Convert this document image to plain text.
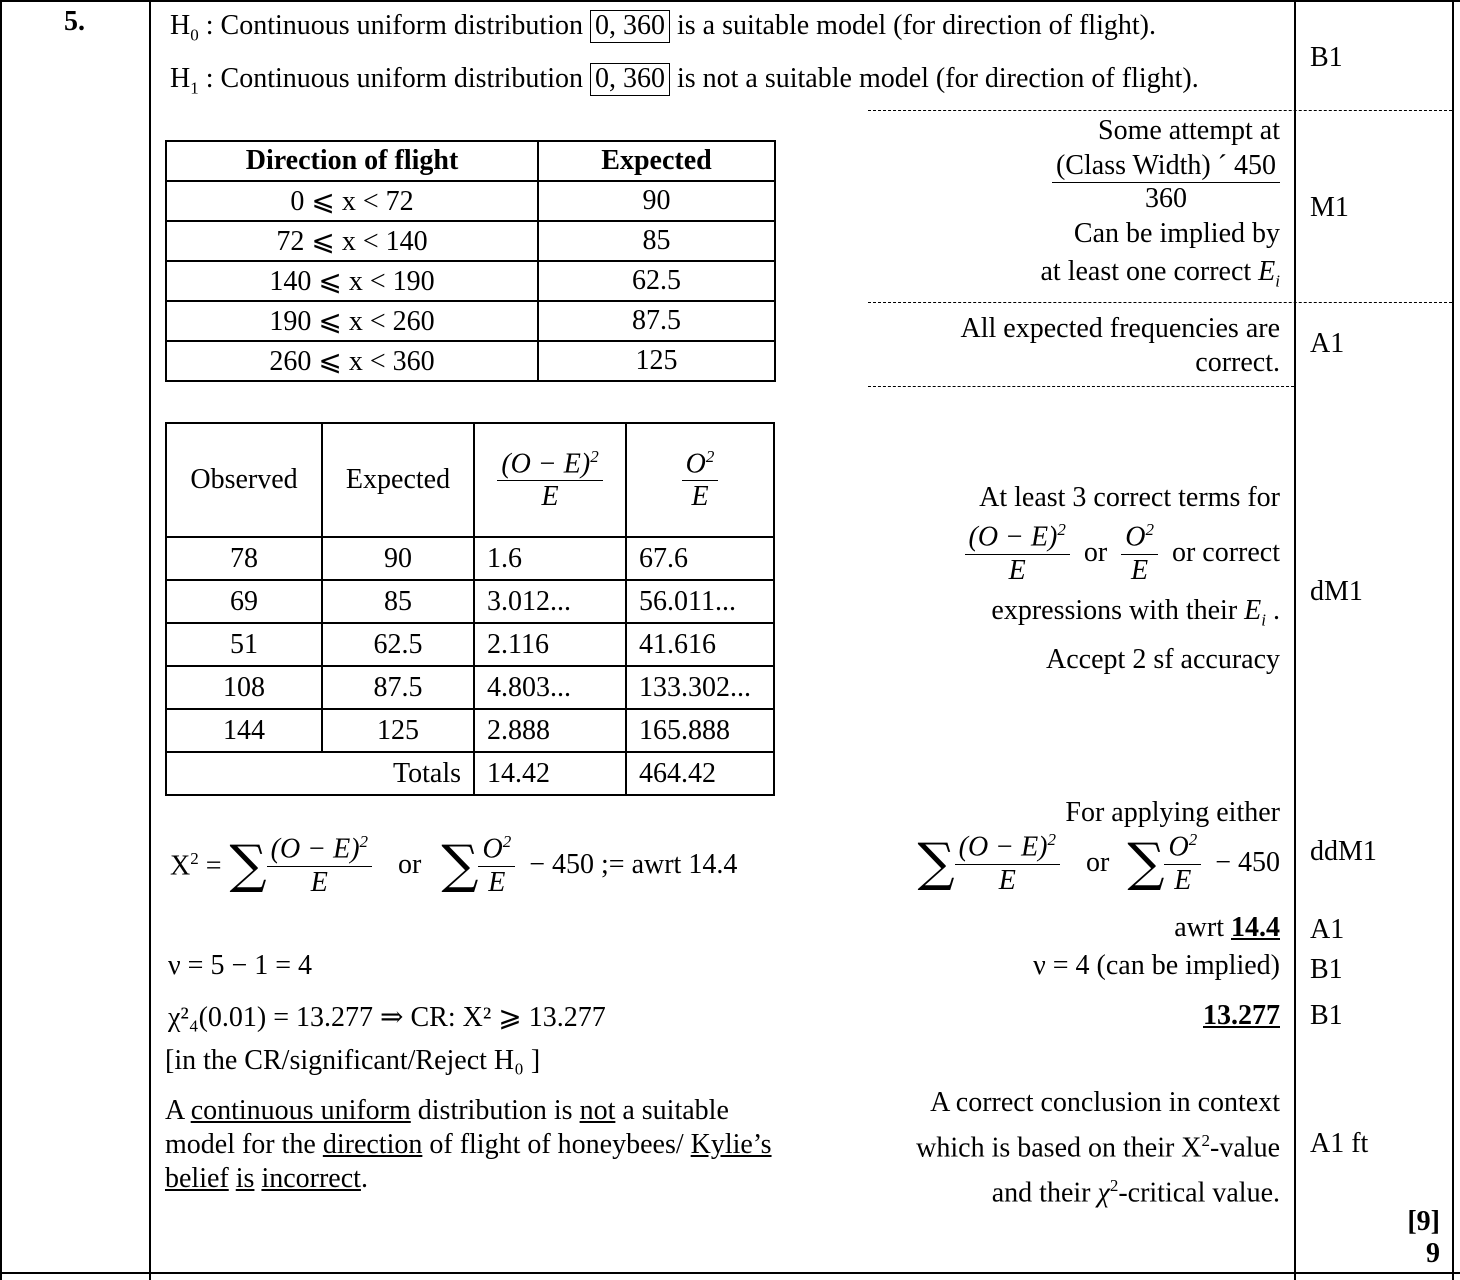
5.	$H_0$ : Continuous uniform distribution 0, 360 is a suitable model (for direction of flight).
$H_1$ : Continuous uniform distribution 0, 360 is not a suitable model (for direction of flight).
B1
Direction of flight	Expected
0 ⩽ x < 72	90
72 ⩽ x < 140	85
140 ⩽ x < 190	62.5
190 ⩽ x < 260	87.5
260 ⩽ x < 360	125
Some attempt at
$\frac{\text{(Class Width) ´ 450}}{360}$
Can be implied by
at least one correct $E_i$
M1
All expected frequencies are
correct.
A1
Observed	Expected	$\frac{(O - E)^2}{E}$	$\frac{O^2}{E}$

78	90	1.6	67.6
69	85	3.012...	56.011...
51	62.5	2.116	41.616
108	87.5	4.803...	133.302...
144	125	2.888	165.888
	Totals	14.42	464.42
At least 3 correct terms for
$\frac{(O - E)^2}{E}$ or $\frac{O^2}{E}$ or correct
expressions with their $E_i$ .
Accept 2 sf accuracy
dM1
$X^2$ = ∑ $\frac{(O - E)^2}{E}$ or ∑ $\frac{O^2}{E} - 450$ ;= awrt 14.4
For applying either
∑ $\frac{(O - E)^2}{E}$ or ∑ $\frac{O^2}{E} - 450$ ddM1
awrt 14.4 A1
ν = 5 − 1 = 4	ν = 4 (can be implied) B1
χ²₄(0.01) = 13.277 ⇒ CR: X² ⩾ 13.277	13.277 B1
[in the CR/significant/Reject H₀ ]
A continuous uniform distribution is not a suitable
model for the direction of flight of honeybees/ Kylie’s
belief is incorrect.
A correct conclusion in context
which is based on their $X^2$-value
and their $\chi^2$-critical value.
A1 ft
[9]
9
